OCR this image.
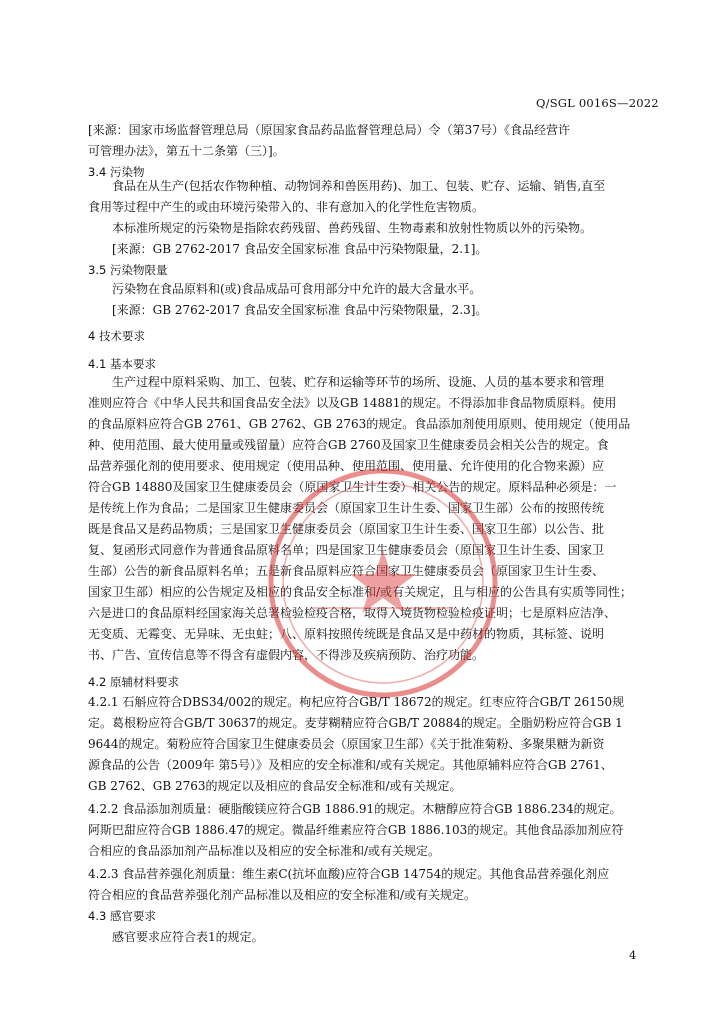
Q/SGL 0016S—2022

[来源：国家市场监督管理总局（原国家食品药品监督管理总局）令（第37号）《食品经营许

可管理办法》，第五十二条第（三）]。

3.4 污染物

食品在从生产(包括农作物种植、动物饲养和兽医用药)、加工、包装、贮存、运输、销售,直至

食用等过程中产生的或由环境污染带入的、非有意加入的化学性危害物质。

本标准所规定的污染物是指除农药残留、兽药残留、生物毒素和放射性物质以外的污染物。

[来源：GB 2762-2017 食品安全国家标准 食品中污染物限量，2.1]。

3.5 污染物限量

污染物在食品原料和(或)食品成品可食用部分中允许的最大含量水平。

[来源：GB 2762-2017 食品安全国家标准 食品中污染物限量，2.3]。

4 技术要求

4.1 基本要求

生产过程中原料采购、加工、包装、贮存和运输等环节的场所、设施、人员的基本要求和管理

准则应符合《中华人民共和国食品安全法》以及GB 14881的规定。不得添加非食品物质原料。使用

的食品原料应符合GB 2761、GB 2762、GB 2763的规定。食品添加剂使用原则、使用规定（使用品

种、使用范围、最大使用量或残留量）应符合GB 2760及国家卫生健康委员会相关公告的规定。食

品营养强化剂的使用要求、使用规定（使用品种、使用范围、使用量、允许使用的化合物来源）应

符合GB 14880及国家卫生健康委员会（原国家卫生计生委）相关公告的规定。原料品种必须是：一

是传统上作为食品；二是国家卫生健康委员会（原国家卫生计生委、国家卫生部）公布的按照传统

既是食品又是药品物质；三是国家卫生健康委员会（原国家卫生计生委、国家卫生部）以公告、批

复、复函形式同意作为普通食品原料名单；四是国家卫生健康委员会（原国家卫生计生委、国家卫

生部）公告的新食品原料名单；五是新食品原料应符合国家卫生健康委员会（原国家卫生计生委、

国家卫生部）相应的公告规定及相应的食品安全标准和/或有关规定，且与相应的公告具有实质等同性；

六是进口的食品原料经国家海关总署检验检疫合格，取得入境货物检验检疫证明；七是原料应洁净、

无变质、无霉变、无异味、无虫蛀；八、原料按照传统既是食品又是中药材的物质，其标签、说明

书、广告、宣传信息等不得含有虚假内容，不得涉及疾病预防、治疗功能。

4.2 原辅材料要求

4.2.1 石斛应符合DBS34/002的规定。枸杞应符合GB/T 18672的规定。红枣应符合GB/T 26150规

定。葛根粉应符合GB/T 30637的规定。麦芽糊精应符合GB/T 20884的规定。全脂奶粉应符合GB 1

9644的规定。菊粉应符合国家卫生健康委员会（原国家卫生部）《关于批准菊粉、多聚果糖为新资

源食品的公告（2009年 第5号）》及相应的安全标准和/或有关规定。其他原辅料应符合GB 2761、

GB 2762、GB 2763的规定以及相应的食品安全标准和/或有关规定。

4.2.2 食品添加剂质量：硬脂酸镁应符合GB 1886.91的规定。木糖醇应符合GB 1886.234的规定。

阿斯巴甜应符合GB 1886.47的规定。微晶纤维素应符合GB 1886.103的规定。其他食品添加剂应符

合相应的食品添加剂产品标准以及相应的安全标准和/或有关规定。

4.2.3 食品营养强化剂质量：维生素C(抗坏血酸)应符合GB 14754的规定。其他食品营养强化剂应

符合相应的食品营养强化剂产品标准以及相应的安全标准和/或有关规定。

4.3 感官要求

感官要求应符合表1的规定。

4
